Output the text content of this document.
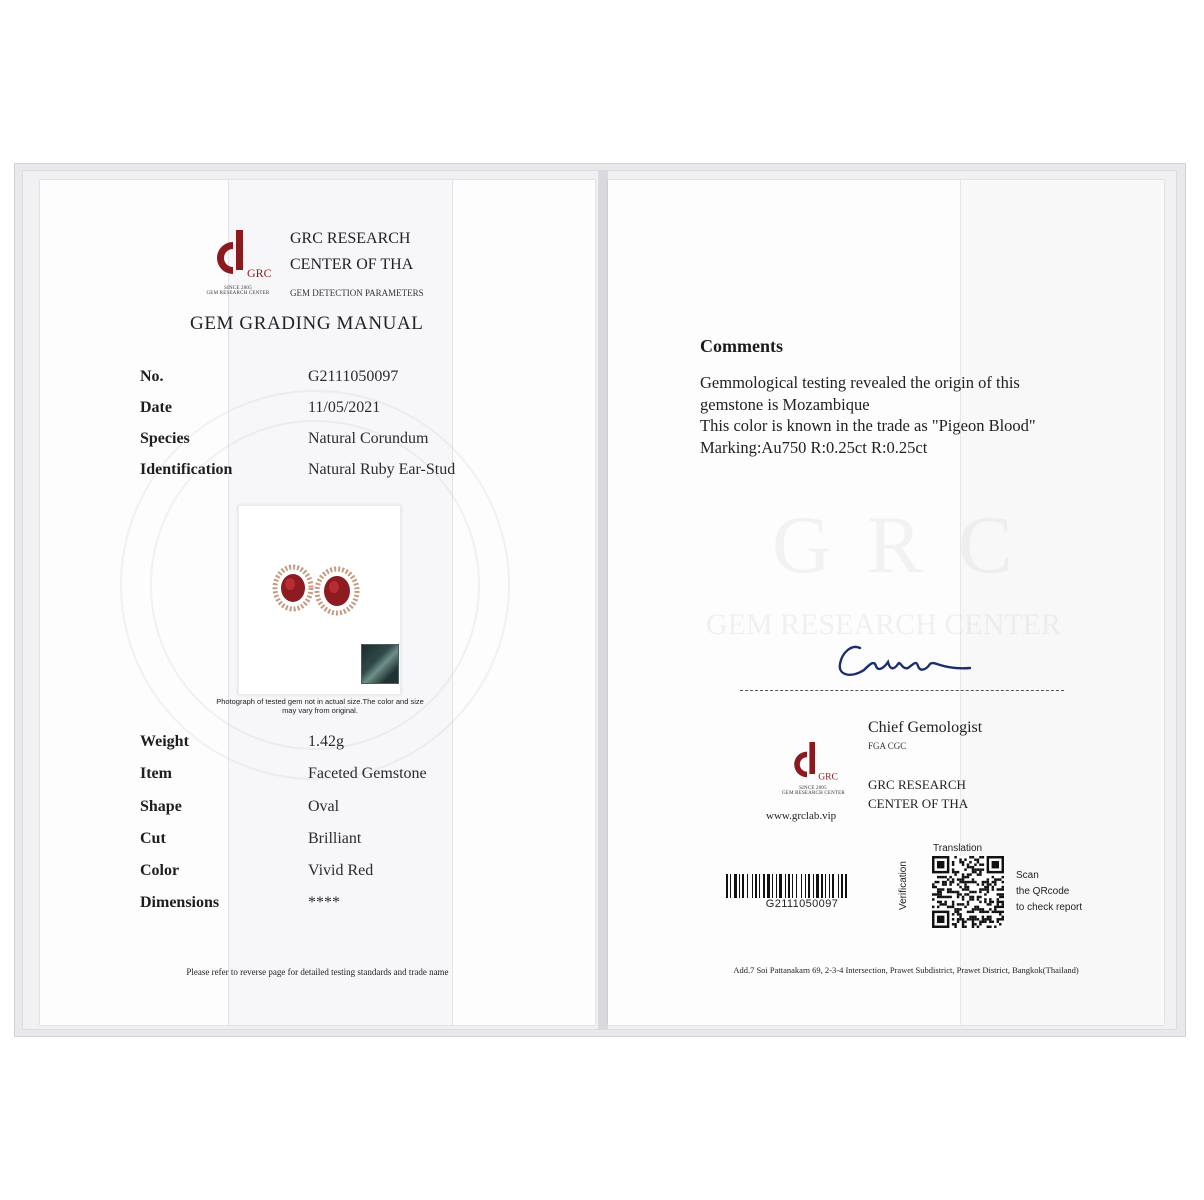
GRC
SINCE 2005
GEM RESEARCH CENTER
GRC RESEARCH
CENTER OF THA
GEM DETECTION PARAMETERS
GEM GRADING MANUAL
No.	G2111050097
Date	11/05/2021
Species	Natural Corundum
Identification	Natural Ruby Ear-Stud
Photograph of tested gem not in actual size.The color and size may vary from original.
Weight	1.42g
Item	Faceted Gemstone
Shape	Oval
Cut	Brilliant
Color	Vivid Red
Dimensions	****
Please refer to reverse page for detailed testing standards and trade name
GRC
GEM RESEARCH CENTER
Comments
Gemmological testing revealed the origin of this
gemstone is Mozambique
This color is known in the trade as "Pigeon Blood"
Marking:Au750 R:0.25ct R:0.25ct
Chief Gemologist
FGA CGC
GRC RESEARCH
CENTER OF THA
GRC
SINCE 2005
GEM RESEARCH CENTER
www.grclab.vip
G2111050097
Translation
Verification	Scan
the QRcode
to check report
Add.7 Soi Pattanakarn 69, 2-3-4 Intersection, Prawet Subdistrict, Prawet District, Bangkok(Thailand)
